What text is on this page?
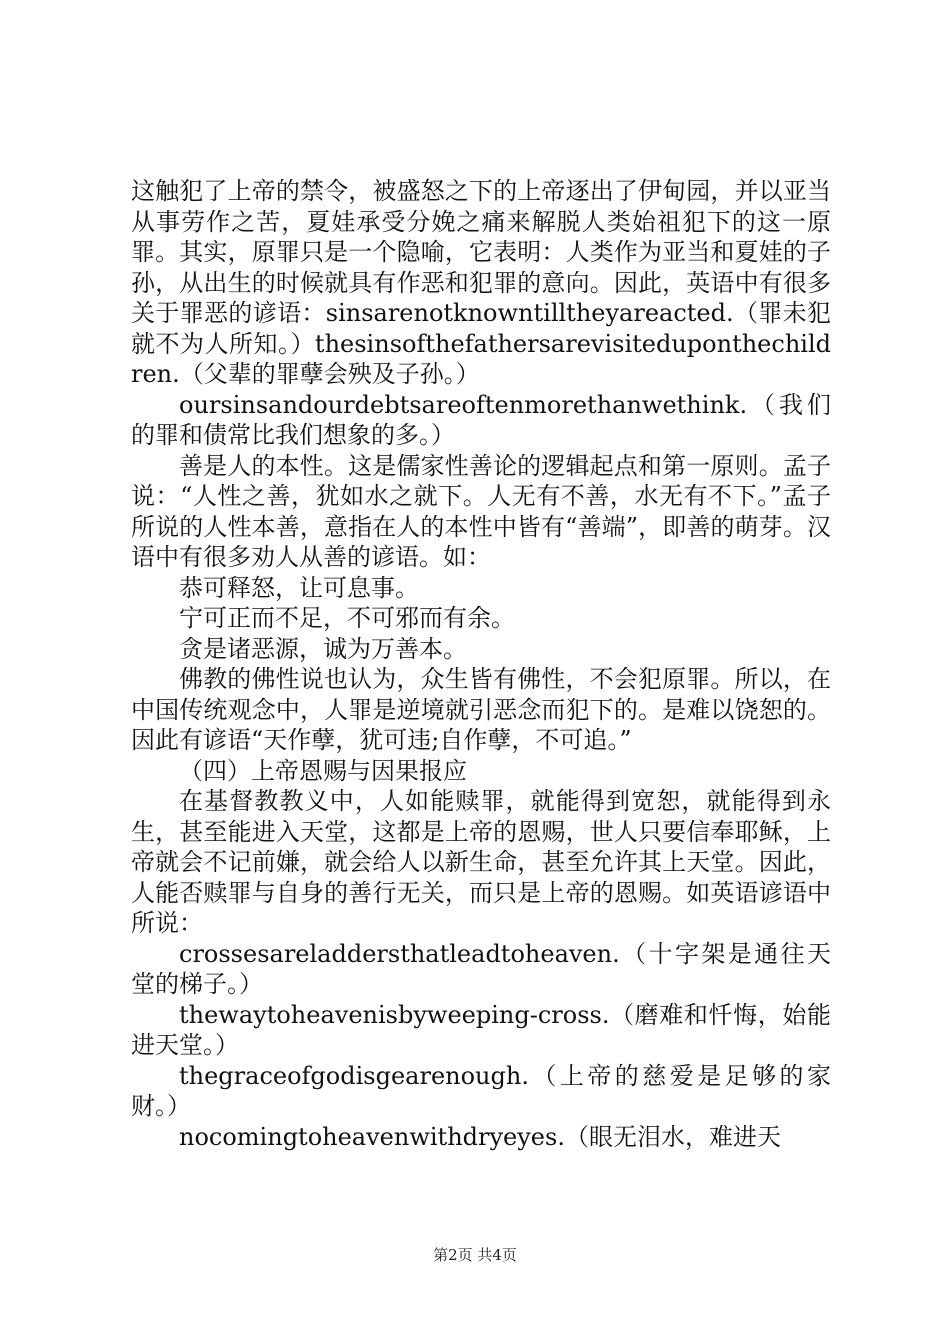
这触犯了上帝的禁令，被盛怒之下的上帝逐出了伊甸园，并以亚当从事劳作之苦，夏娃承受分娩之痛来解脱人类始祖犯下的这一原罪。其实，原罪只是一个隐喻，它表明：人类作为亚当和夏娃的子孙，从出生的时候就具有作恶和犯罪的意向。因此，英语中有很多关于罪恶的谚语：sinsarenotknowntilltheyareacted.（罪未犯就不为人所知。）thesinsofthefathersarevisiteduponthechildren.（父辈的罪孽会殃及子孙。）

oursinsandourdebtsareoftenmorethanwethink.（我们的罪和债常比我们想象的多。）

善是人的本性。这是儒家性善论的逻辑起点和第一原则。孟子说：“人性之善，犹如水之就下。人无有不善，水无有不下。”孟子所说的人性本善，意指在人的本性中皆有“善端”，即善的萌芽。汉语中有很多劝人从善的谚语。如：

恭可释怒，让可息事。

宁可正而不足，不可邪而有余。

贪是诸恶源，诚为万善本。

佛教的佛性说也认为，众生皆有佛性，不会犯原罪。所以，在中国传统观念中，人罪是逆境就引恶念而犯下的。是难以饶恕的。因此有谚语“天作孽，犹可违;自作孽，不可追。”

（四）上帝恩赐与因果报应

在基督教教义中，人如能赎罪，就能得到宽恕，就能得到永生，甚至能进入天堂，这都是上帝的恩赐，世人只要信奉耶稣，上帝就会不记前嫌，就会给人以新生命，甚至允许其上天堂。因此，人能否赎罪与自身的善行无关，而只是上帝的恩赐。如英语谚语中所说：

crossesareladdersthatleadtoheaven.（十字架是通往天堂的梯子。）

thewaytoheavenisbyweeping-cross.（磨难和忏悔，始能进天堂。）

thegraceofgodisgearenough.（上帝的慈爱是足够的家财。）

nocomingtoheavenwithdryeyes.（眼无泪水，难进天

第2页 共4页
